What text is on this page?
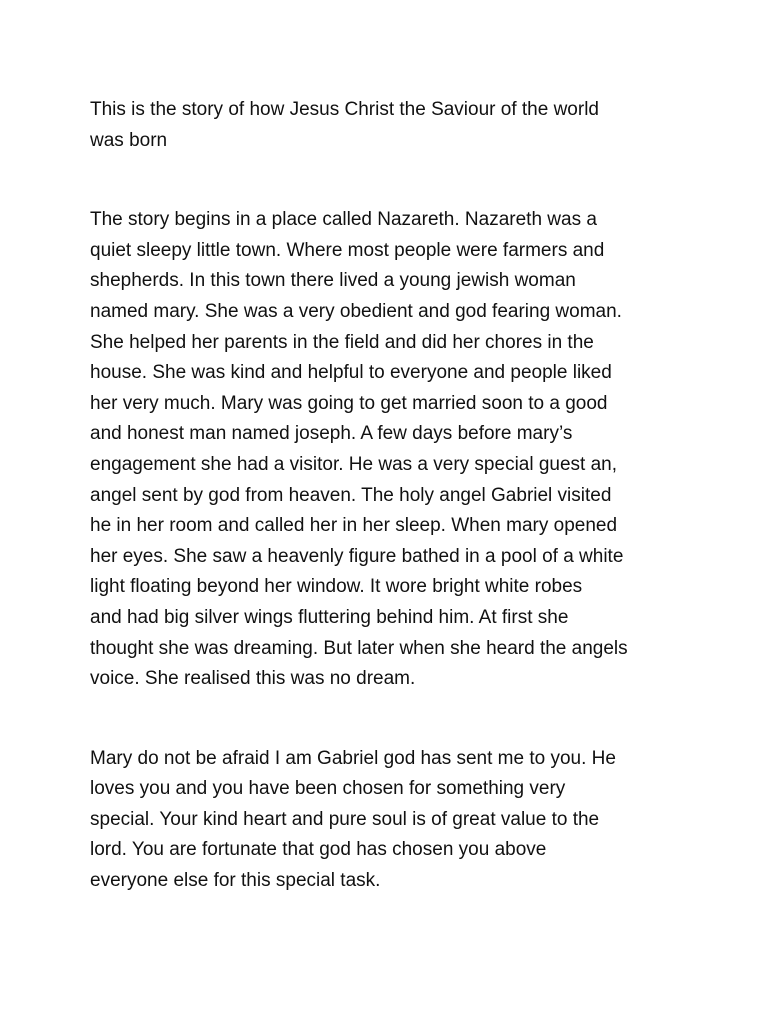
This is the story of how Jesus Christ the Saviour of the world
was born

The story begins in a place called Nazareth. Nazareth was a
quiet sleepy little town. Where most people were farmers and
shepherds. In this town there lived a young jewish woman
named mary. She was a very obedient and god fearing woman.
She helped her parents in the field and did her chores in the
house. She was kind and helpful to everyone and people liked
her very much. Mary was going to get married soon to a good
and honest man named joseph. A few days before mary’s
engagement she had a visitor. He was a very special guest an,
angel sent by god from heaven. The holy angel Gabriel visited
he in her room and called her in her sleep. When mary opened
her eyes. She saw a heavenly figure bathed in a pool of a white
light floating beyond her window. It wore bright white robes
and had big silver wings fluttering behind him. At first she
thought she was dreaming. But later when she heard the angels
voice. She realised this was no dream.

Mary do not be afraid I am Gabriel god has sent me to you. He
loves you and you have been chosen for something very
special. Your kind heart and pure soul is of great value to the
lord. You are fortunate that god has chosen you above
everyone else for this special task.
